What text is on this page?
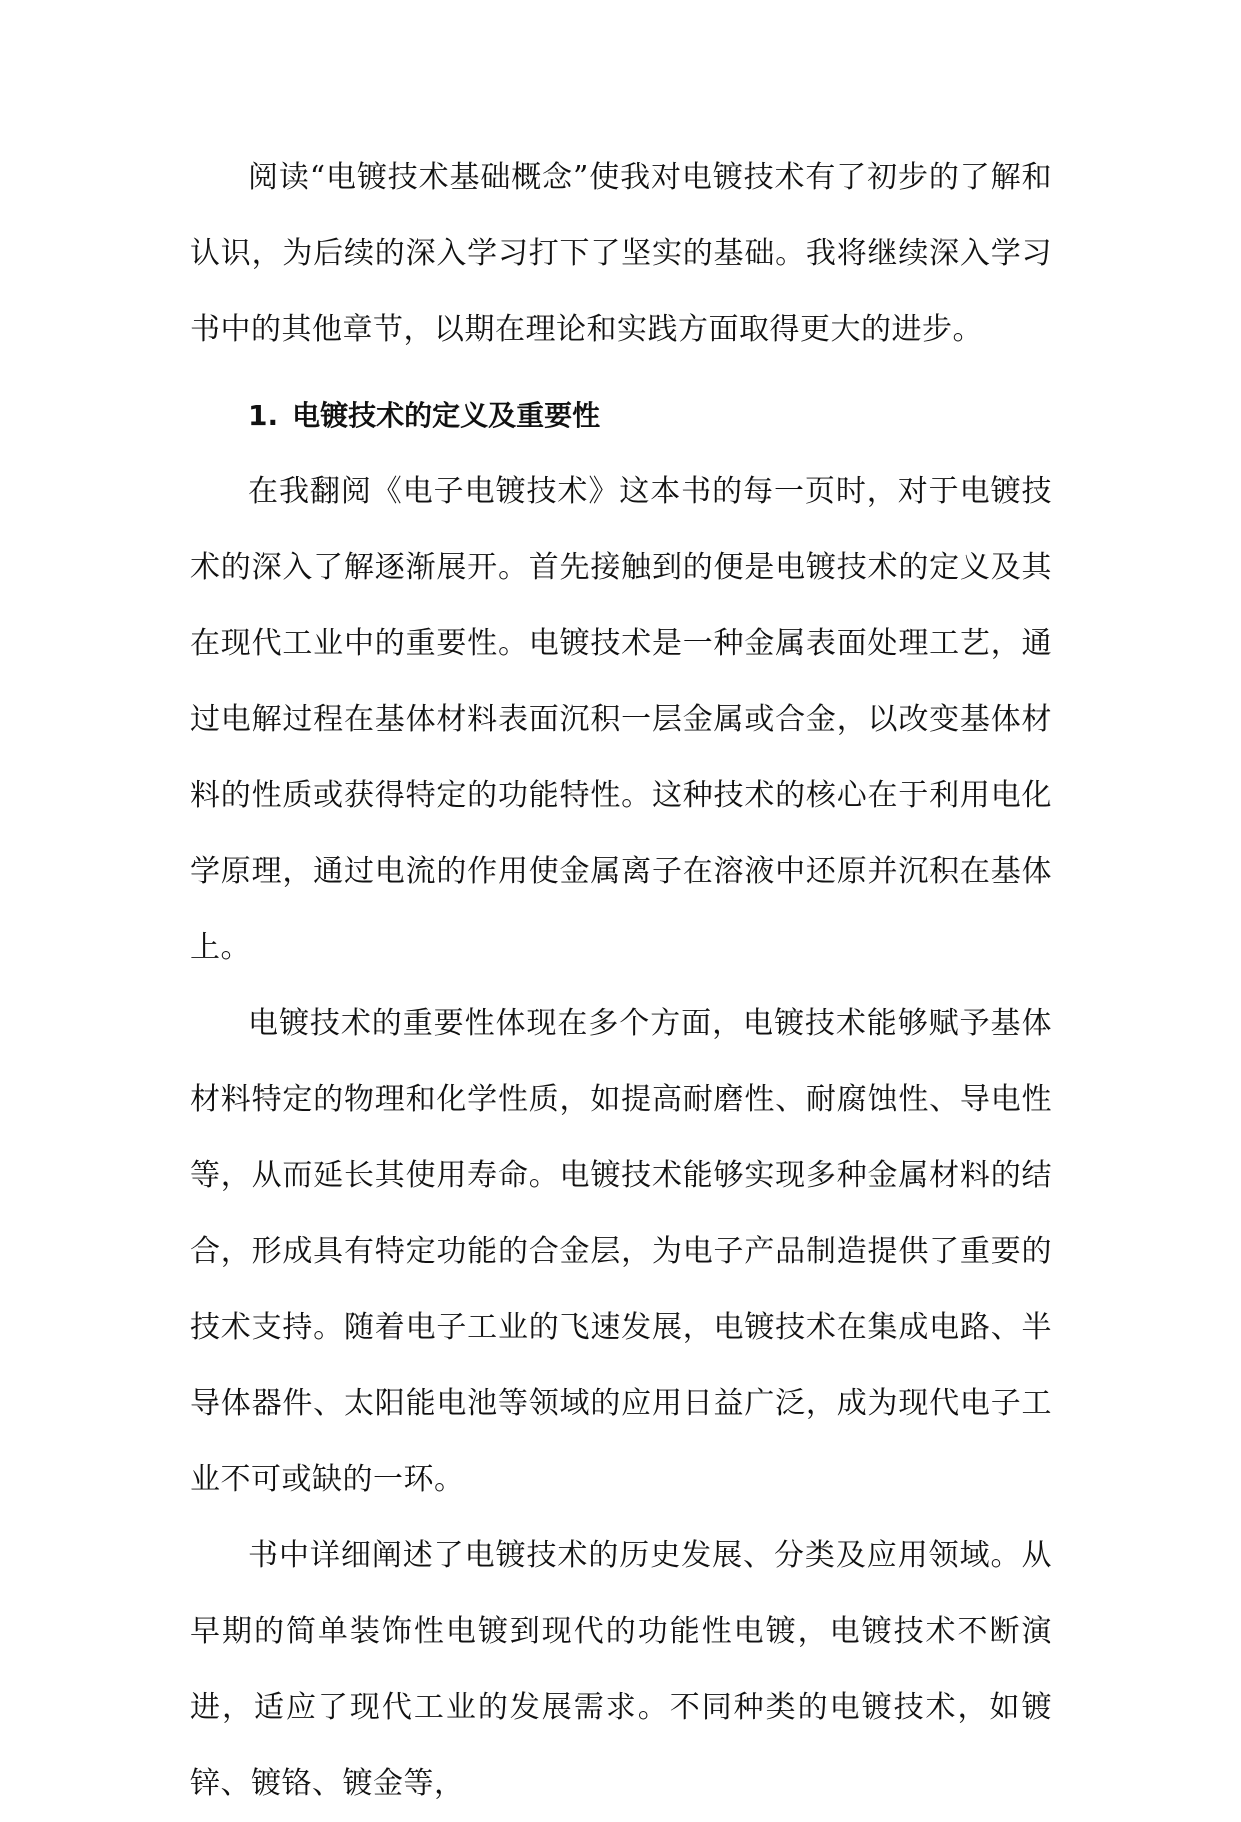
阅读“电镀技术基础概念”使我对电镀技术有了初步的了解和认识，为后续的深入学习打下了坚实的基础。我将继续深入学习书中的其他章节，以期在理论和实践方面取得更大的进步。

1. 电镀技术的定义及重要性

在我翻阅《电子电镀技术》这本书的每一页时，对于电镀技术的深入了解逐渐展开。首先接触到的便是电镀技术的定义及其在现代工业中的重要性。电镀技术是一种金属表面处理工艺，通过电解过程在基体材料表面沉积一层金属或合金，以改变基体材料的性质或获得特定的功能特性。这种技术的核心在于利用电化学原理，通过电流的作用使金属离子在溶液中还原并沉积在基体上。

电镀技术的重要性体现在多个方面，电镀技术能够赋予基体材料特定的物理和化学性质，如提高耐磨性、耐腐蚀性、导电性等，从而延长其使用寿命。电镀技术能够实现多种金属材料的结合，形成具有特定功能的合金层，为电子产品制造提供了重要的技术支持。随着电子工业的飞速发展，电镀技术在集成电路、半导体器件、太阳能电池等领域的应用日益广泛，成为现代电子工业不可或缺的一环。

书中详细阐述了电镀技术的历史发展、分类及应用领域。从早期的简单装饰性电镀到现代的功能性电镀，电镀技术不断演进，适应了现代工业的发展需求。不同种类的电镀技术，如镀锌、镀铬、镀金等，
